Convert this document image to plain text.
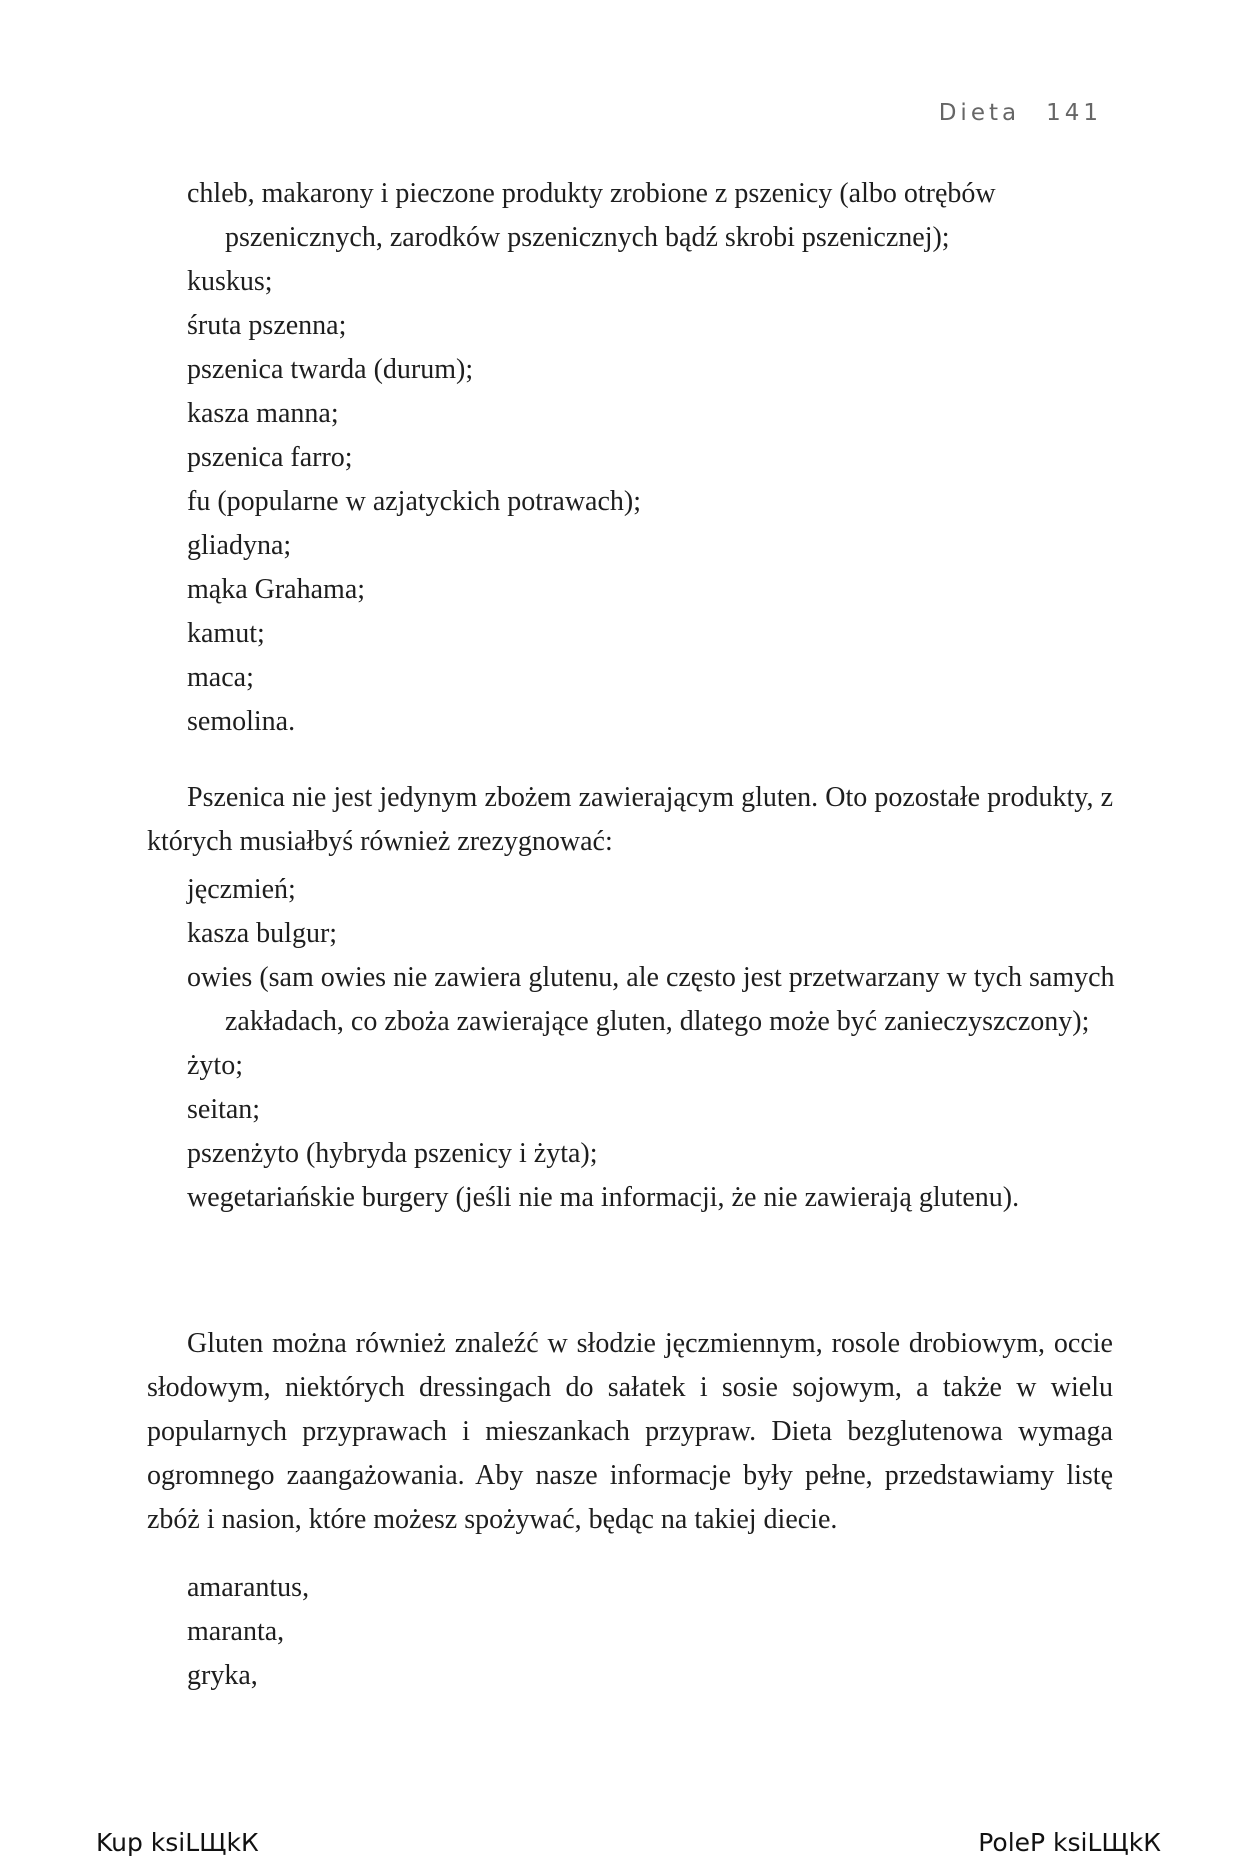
Dieta 141
chleb, makarony i pieczone produkty zrobione z pszenicy (albo otrębów pszenicznych, zarodków pszenicznych bądź skrobi pszenicznej);
kuskus;
śruta pszenna;
pszenica twarda (durum);
kasza manna;
pszenica farro;
fu (popularne w azjatyckich potrawach);
gliadyna;
mąka Grahama;
kamut;
maca;
semolina.

Pszenica nie jest jedynym zbożem zawierającym gluten. Oto pozostałe produkty, z których musiałbyś również zrezygnować:

jęczmień;
kasza bulgur;
owies (sam owies nie zawiera glutenu, ale często jest przetwarzany w tych samych zakładach, co zboża zawierające gluten, dlatego może być zanieczyszczony);
żyto;
seitan;
pszenżyto (hybryda pszenicy i żyta);
wegetariańskie burgery (jeśli nie ma informacji, że nie zawierają glutenu).

Gluten można również znaleźć w słodzie jęczmiennym, rosole drobiowym, occie słodowym, niektórych dressingach do sałatek i sosie sojowym, a także w wielu popularnych przyprawach i mieszankach przypraw. Dieta bezglutenowa wymaga ogromnego zaangażowania. Aby nasze informacje były pełne, przedstawiamy listę zbóż i nasion, które możesz spożywać, będąc na takiej diecie.

amarantus,
maranta,
gryka,
Kup ksiLЩkК	PoleP ksiLЩkК
